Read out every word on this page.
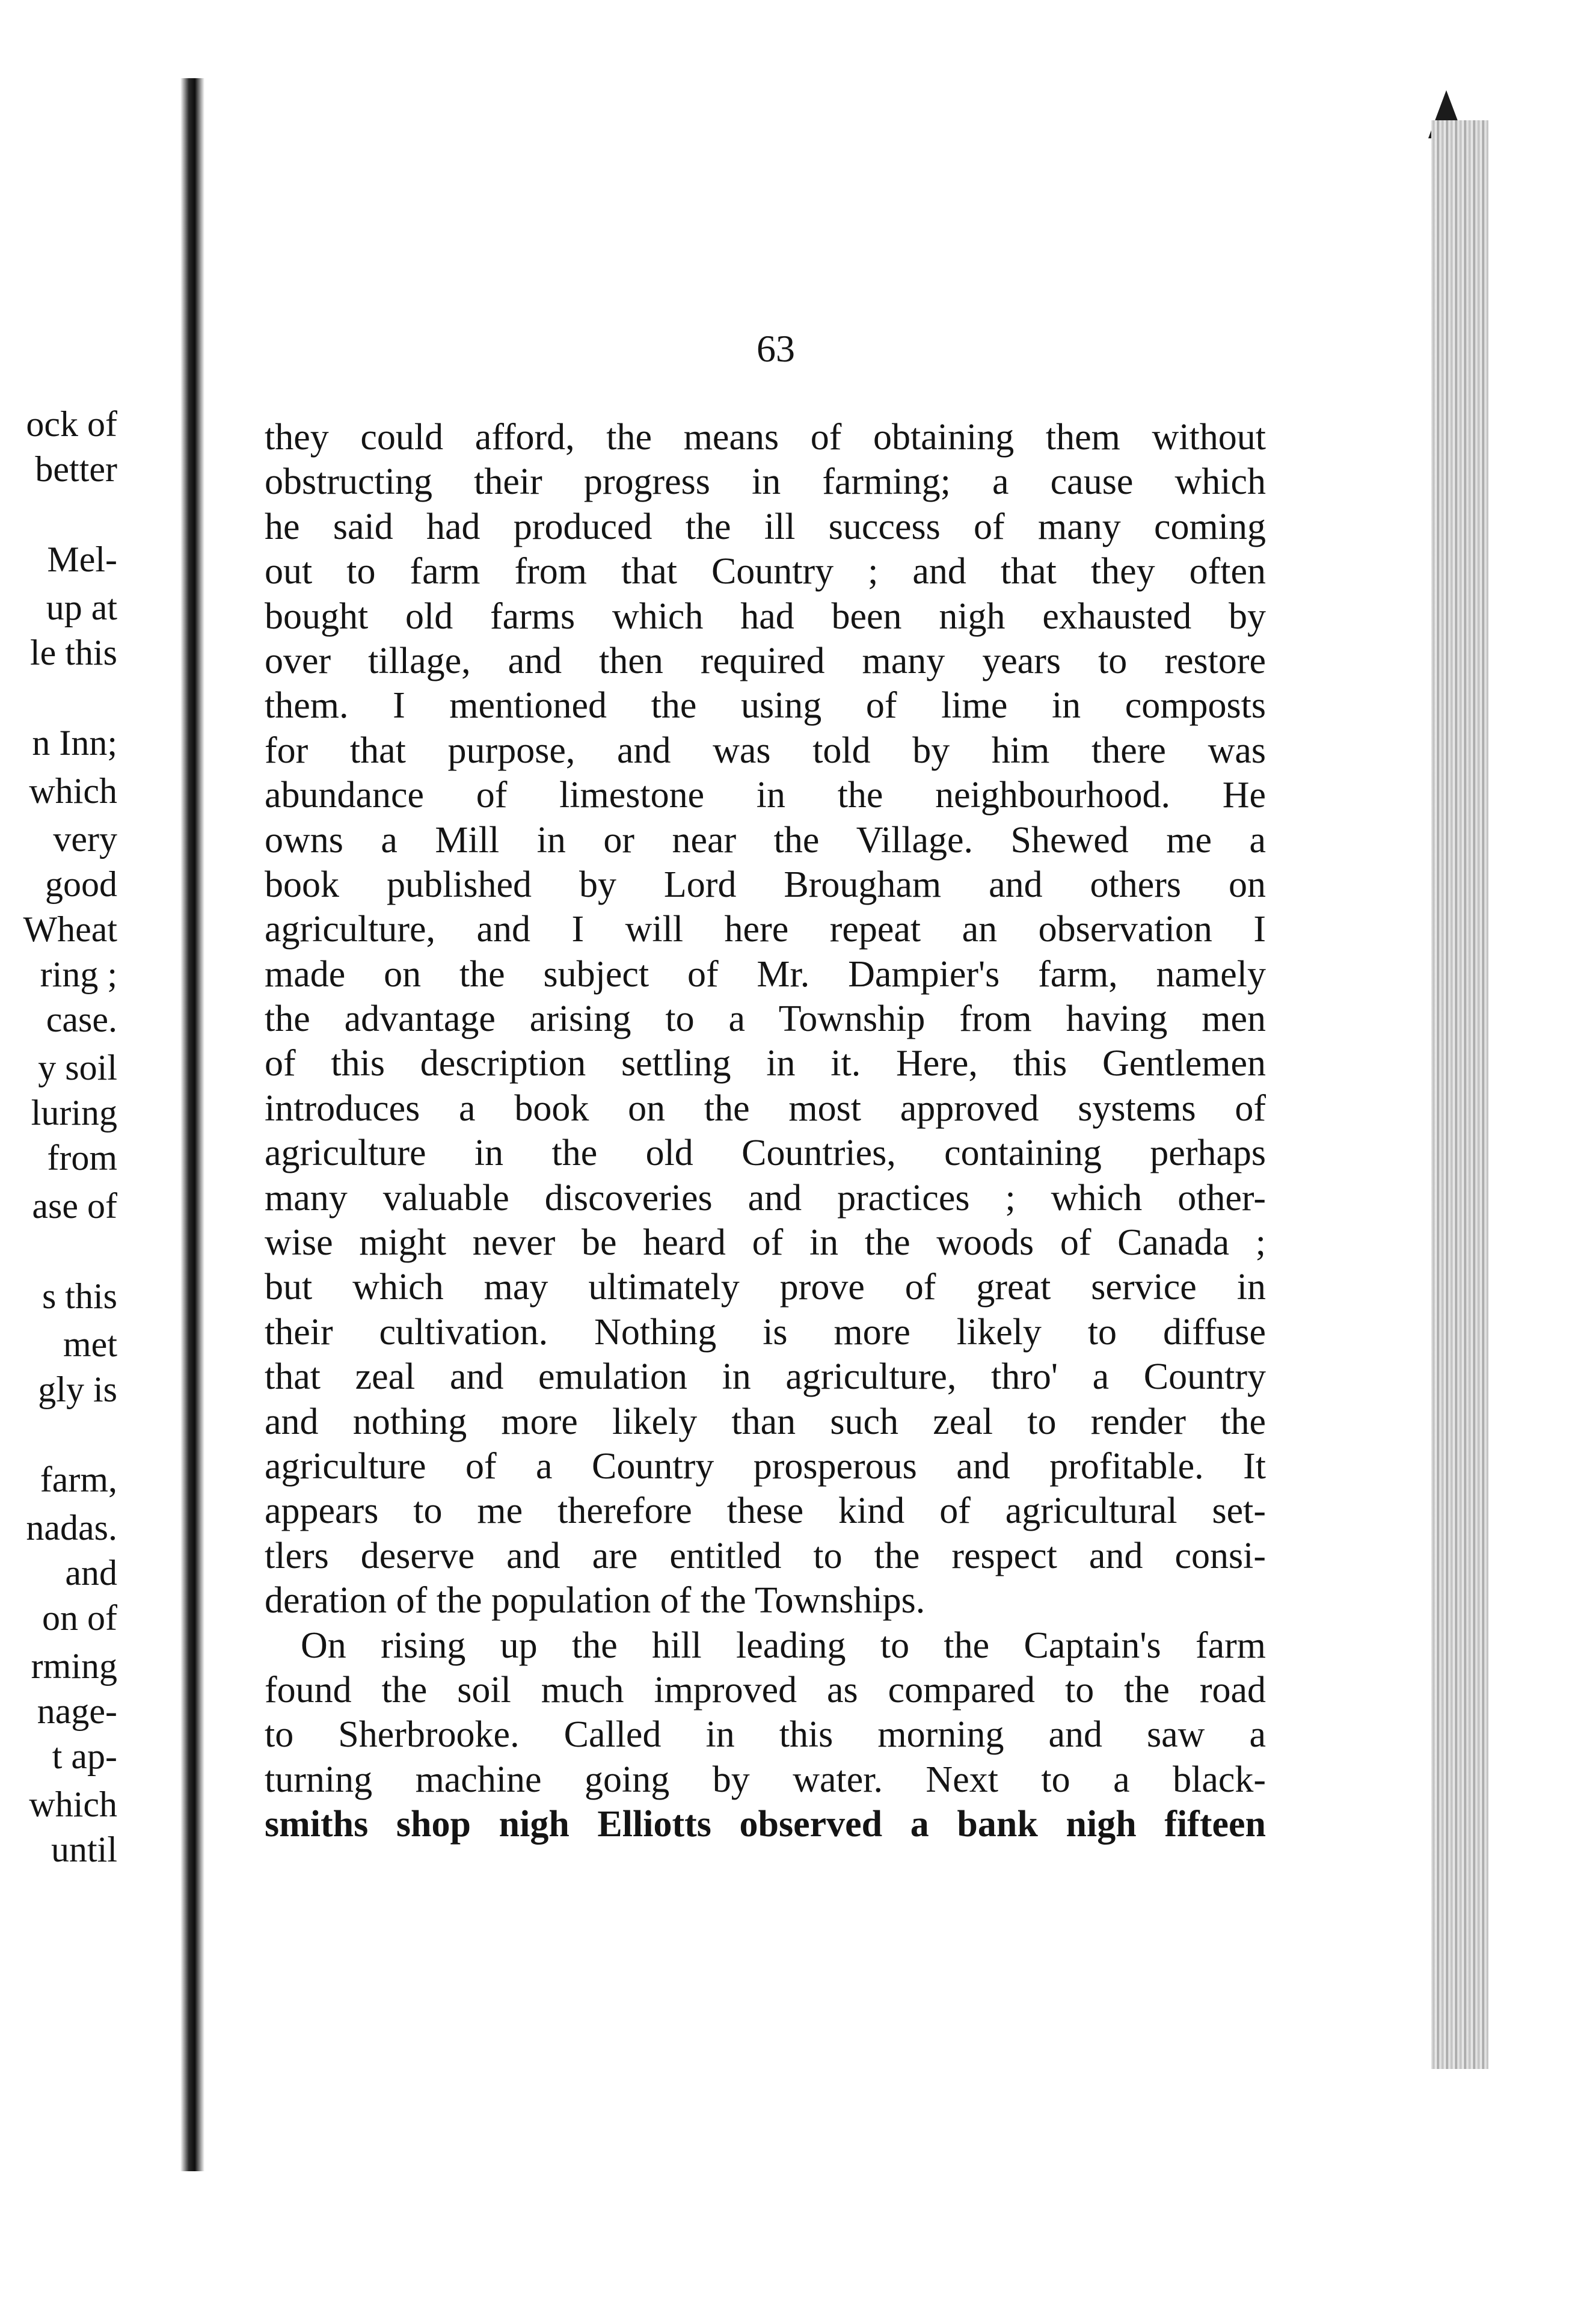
ock of
better
Mel-
up at
le this
n Inn;
which
very
good
Wheat
ring ;
case.
y soil
luring
from
ase of
s this
met
gly is
farm,
nadas.
and
on of
rming
nage-
t ap-
which
until
63
they could afford, the means of obtaining them without
obstructing their progress in farming; a cause which
he said had produced the ill success of many coming
out to farm from that Country ; and that they often
bought old farms which had been nigh exhausted by
over tillage, and then required many years to restore
them. I mentioned the using of lime in composts
for that purpose, and was told by him there was
abundance of limestone in the neighbourhood. He
owns a Mill in or near the Village. Shewed me a
book published by Lord Brougham and others on
agriculture, and I will here repeat an observation I
made on the subject of Mr. Dampier's farm, namely
the advantage arising to a Township from having men
of this description settling in it. Here, this Gentlemen
introduces a book on the most approved systems of
agriculture in the old Countries, containing perhaps
many valuable discoveries and practices ; which other-
wise might never be heard of in the woods of Canada ;
but which may ultimately prove of great service in
their cultivation. Nothing is more likely to diffuse
that zeal and emulation in agriculture, thro' a Country
and nothing more likely than such zeal to render the
agriculture of a Country prosperous and profitable. It
appears to me therefore these kind of agricultural set-
tlers deserve and are entitled to the respect and consi-
deration of the population of the Townships.
On rising up the hill leading to the Captain's farm
found the soil much improved as compared to the road
to Sherbrooke. Called in this morning and saw a
turning machine going by water. Next to a black-
smiths shop nigh Elliotts observed a bank nigh fifteen
